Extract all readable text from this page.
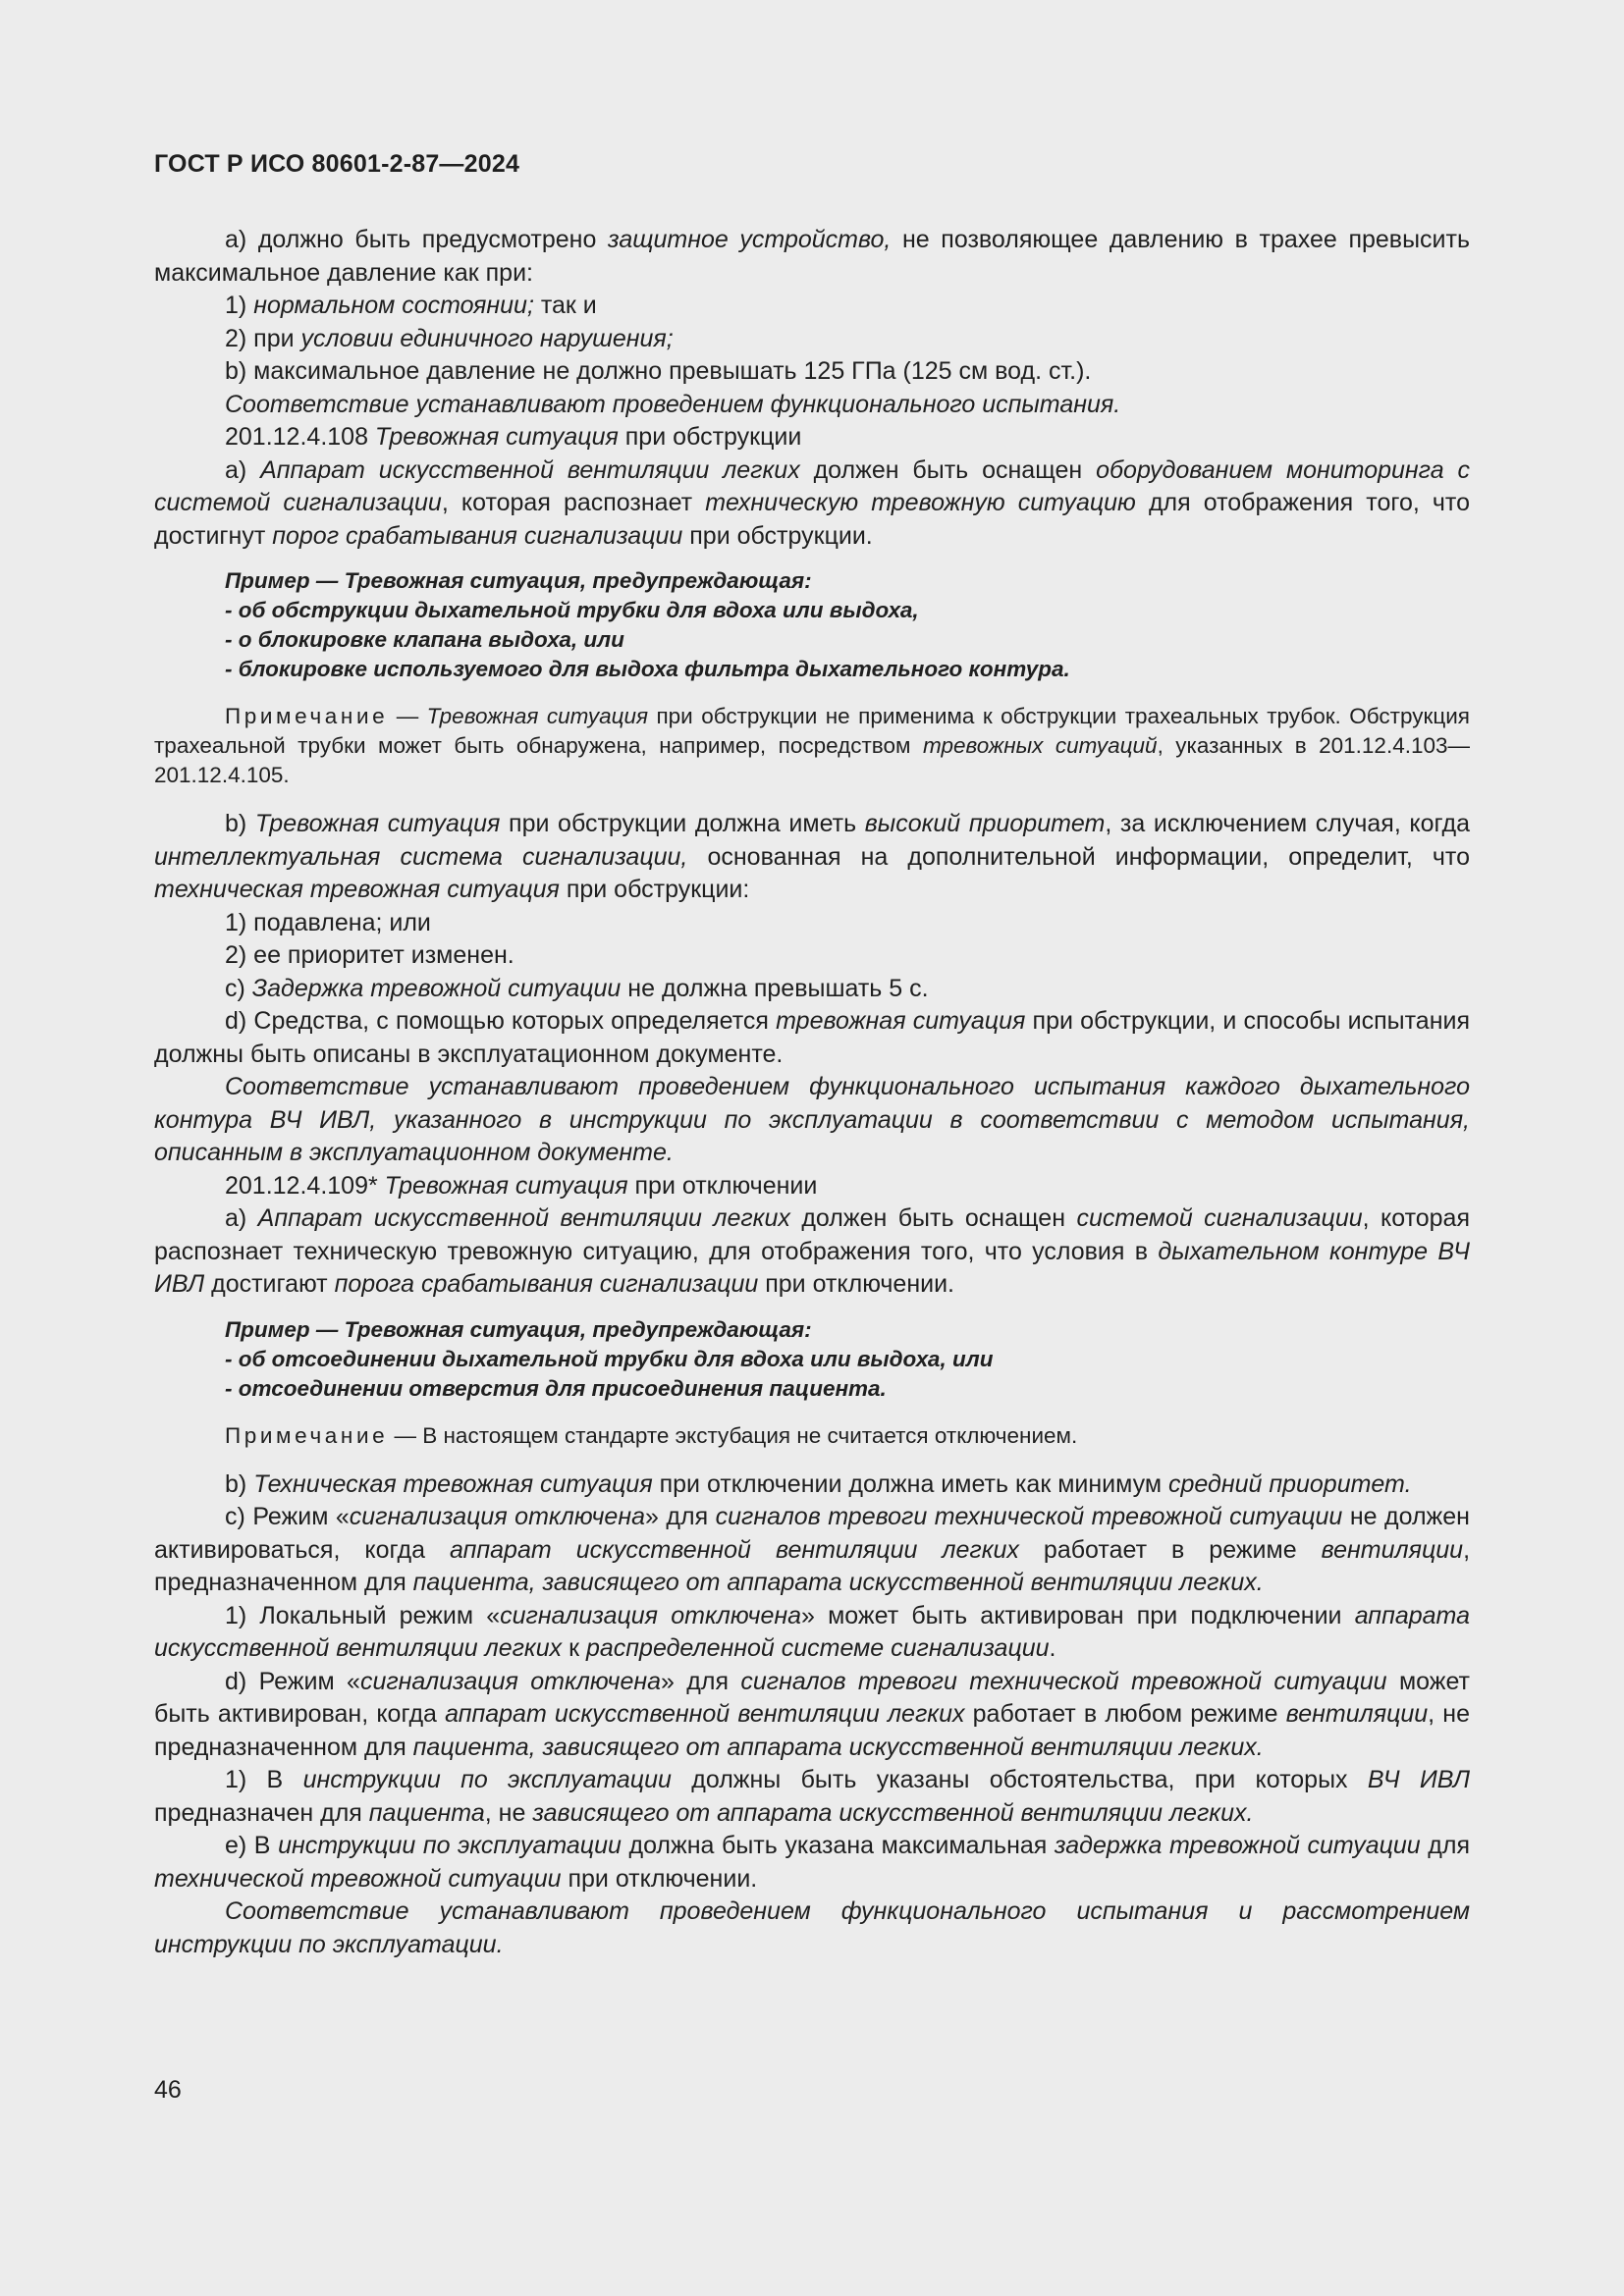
ГОСТ Р ИСО 80601-2-87—2024

a) должно быть предусмотрено защитное устройство, не позволяющее давлению в трахее превысить максимальное давление как при:

1) нормальном состоянии; так и

2) при условии единичного нарушения;

b) максимальное давление не должно превышать 125 ГПа (125 см вод. ст.).

Соответствие устанавливают проведением функционального испытания.

201.12.4.108 Тревожная ситуация при обструкции

a) Аппарат искусственной вентиляции легких должен быть оснащен оборудованием мониторинга с системой сигнализации, которая распознает техническую тревожную ситуацию для отображения того, что достигнут порог срабатывания сигнализации при обструкции.

Пример — Тревожная ситуация, предупреждающая:
- об обструкции дыхательной трубки для вдоха или выдоха,
- о блокировке клапана выдоха, или
- блокировке используемого для выдоха фильтра дыхательного контура.

Примечание — Тревожная ситуация при обструкции не применима к обструкции трахеальных трубок. Обструкция трахеальной трубки может быть обнаружена, например, посредством тревожных ситуаций, указанных в 201.12.4.103—201.12.4.105.

b) Тревожная ситуация при обструкции должна иметь высокий приоритет, за исключением случая, когда интеллектуальная система сигнализации, основанная на дополнительной информации, определит, что техническая тревожная ситуация при обструкции:

1) подавлена; или

2) ее приоритет изменен.

c) Задержка тревожной ситуации не должна превышать 5 с.

d) Средства, с помощью которых определяется тревожная ситуация при обструкции, и способы испытания должны быть описаны в эксплуатационном документе.

Соответствие устанавливают проведением функционального испытания каждого дыхательного контура ВЧ ИВЛ, указанного в инструкции по эксплуатации в соответствии с методом испытания, описанным в эксплуатационном документе.

201.12.4.109* Тревожная ситуация при отключении

a) Аппарат искусственной вентиляции легких должен быть оснащен системой сигнализации, которая распознает техническую тревожную ситуацию, для отображения того, что условия в дыхательном контуре ВЧ ИВЛ достигают порога срабатывания сигнализации при отключении.

Пример — Тревожная ситуация, предупреждающая:
- об отсоединении дыхательной трубки для вдоха или выдоха, или
- отсоединении отверстия для присоединения пациента.

Примечание — В настоящем стандарте экстубация не считается отключением.

b) Техническая тревожная ситуация при отключении должна иметь как минимум средний приоритет.

c) Режим «сигнализация отключена» для сигналов тревоги технической тревожной ситуации не должен активироваться, когда аппарат искусственной вентиляции легких работает в режиме вентиляции, предназначенном для пациента, зависящего от аппарата искусственной вентиляции легких.

1) Локальный режим «сигнализация отключена» может быть активирован при подключении аппарата искусственной вентиляции легких к распределенной системе сигнализации.

d) Режим «сигнализация отключена» для сигналов тревоги технической тревожной ситуации может быть активирован, когда аппарат искусственной вентиляции легких работает в любом режиме вентиляции, не предназначенном для пациента, зависящего от аппарата искусственной вентиляции легких.

1) В инструкции по эксплуатации должны быть указаны обстоятельства, при которых ВЧ ИВЛ предназначен для пациента, не зависящего от аппарата искусственной вентиляции легких.

e) В инструкции по эксплуатации должна быть указана максимальная задержка тревожной ситуации для технической тревожной ситуации при отключении.

Соответствие устанавливают проведением функционального испытания и рассмотрением инструкции по эксплуатации.

46
